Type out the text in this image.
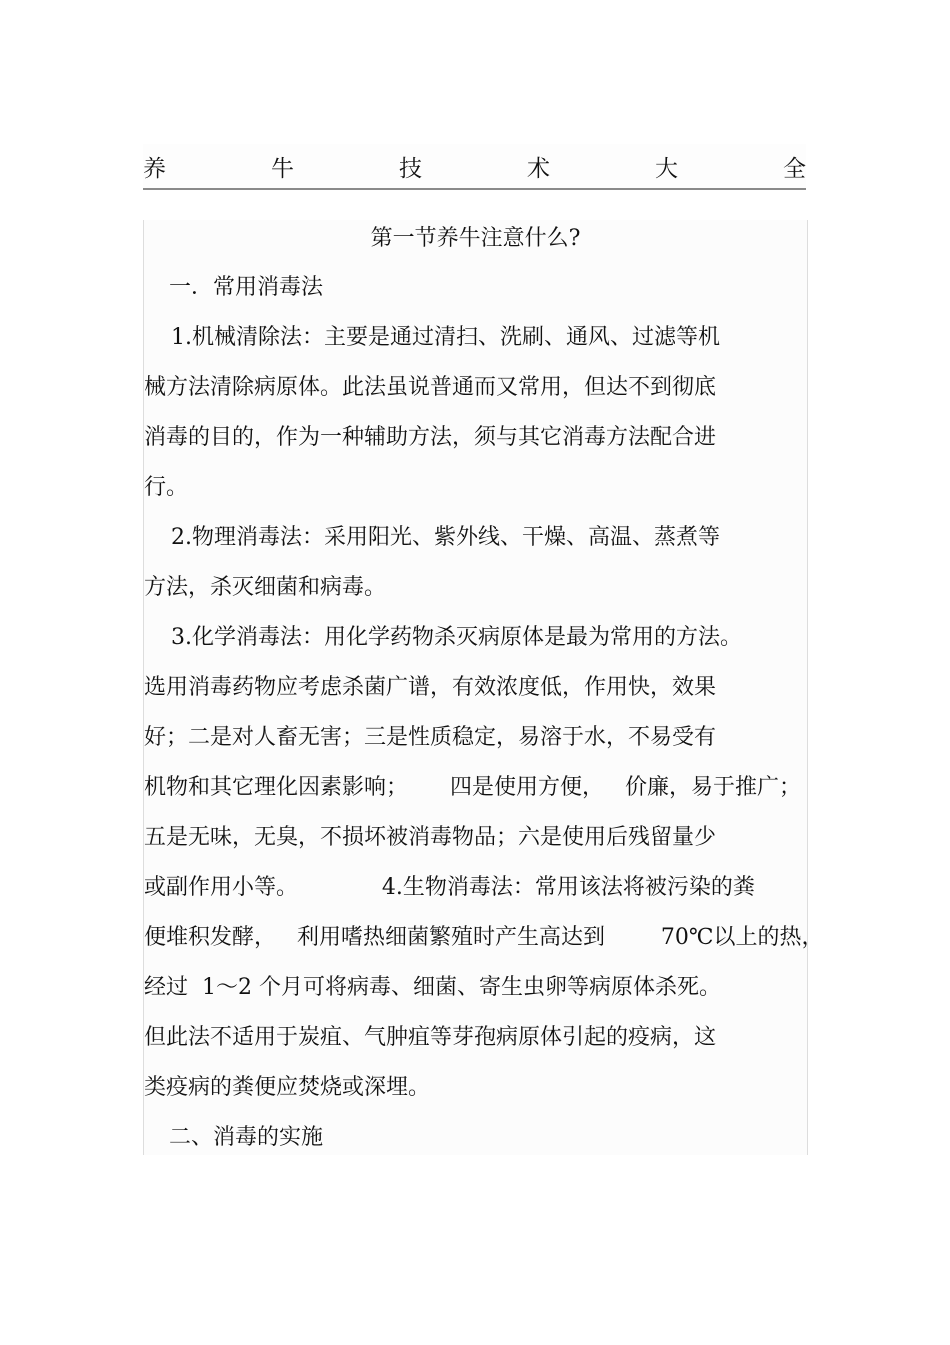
养	牛	技	术	大	全
第一节养牛注意什么?
一．常用消毒法
1.机械清除法：主要是通过清扫、洗刷、通风、过滤等机
械方法清除病原体。此法虽说普通而又常用，但达不到彻底
消毒的目的，作为一种辅助方法，须与其它消毒方法配合进
行。
2.物理消毒法：采用阳光、紫外线、干燥、高温、蒸煮等
方法，杀灭细菌和病毒。
3.化学消毒法：用化学药物杀灭病原体是最为常用的方法。
选用消毒药物应考虑杀菌广谱，有效浓度低，作用快，效果
好；二是对人畜无害；三是性质稳定，易溶于水，不易受有
机物和其它理化因素影响；      四是使用方便，   价廉，易于推广；
五是无味，无臭，不损坏被消毒物品；六是使用后残留量少
或副作用小等。            4.生物消毒法：常用该法将被污染的粪
便堆积发酵，   利用嗜热细菌繁殖时产生高达到        70℃以上的热，
经过  1～2 个月可将病毒、细菌、寄生虫卵等病原体杀死。
但此法不适用于炭疽、气肿疽等芽孢病原体引起的疫病，这
类疫病的粪便应焚烧或深埋。
二、消毒的实施
